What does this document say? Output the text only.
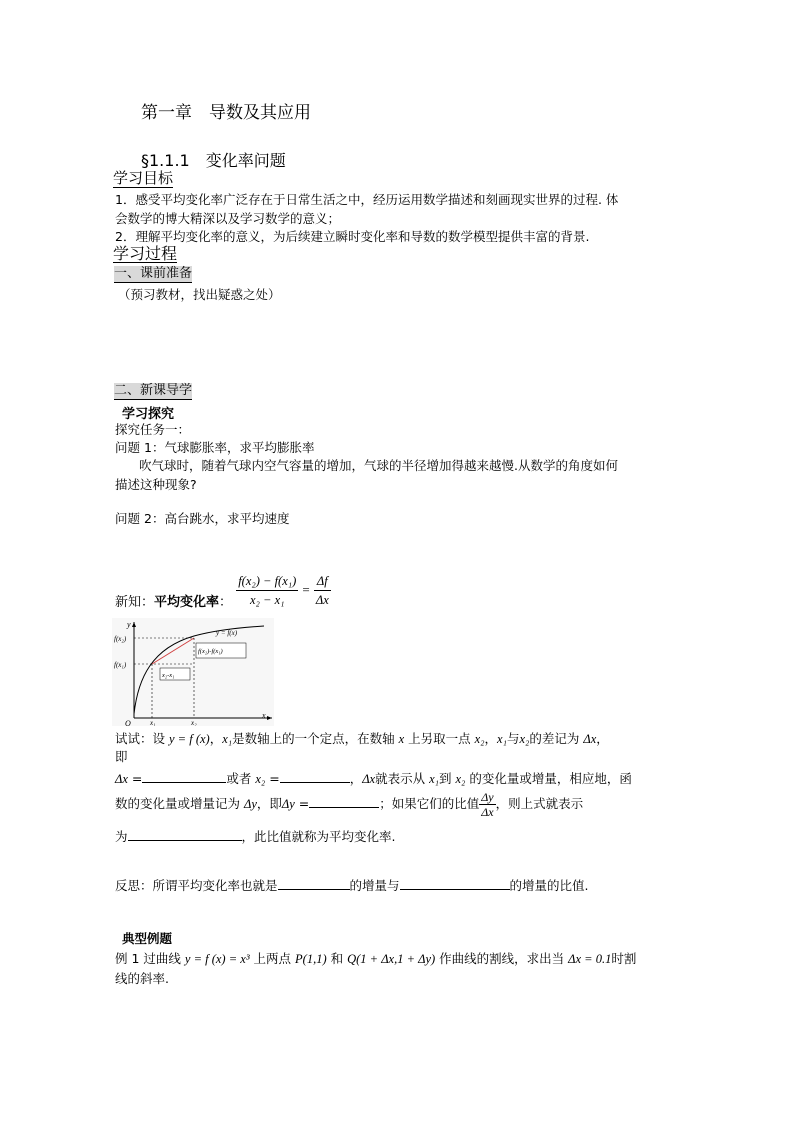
第一章　导数及其应用
§1.1.1　变化率问题
学习目标
1．感受平均变化率广泛存在于日常生活之中，经历运用数学描述和刻画现实世界的过程. 体
会数学的博大精深以及学习数学的意义；
2．理解平均变化率的意义，为后续建立瞬时变化率和导数的数学模型提供丰富的背景.
学习过程
一、课前准备
（预习教材，找出疑惑之处）
二、新课导学
学习探究
探究任务一：
问题 1：气球膨胀率，求平均膨胀率
吹气球时，随着气球内空气容量的增加，气球的半径增加得越来越慢.从数学的角度如何
描述这种现象?
问题 2：高台跳水，求平均速度
新知：平均变化率： $\frac{\text{f(x₂) − f(x₁)}}{\text{x₂ − x₁}} = \frac{\Delta f}{\Delta x}$
y
x
O
f(x₂)
f(x₁)
x₁	x₂
y = f(x)
f(x₂)-f(x₁)
x₂-x₁
试试：设 y = f (x)，x₁是数轴上的一个定点，在数轴 x 上另取一点 x₂，x₁与x₂的差记为 Δx，
即
Δx =	或者 x₂ =	，Δx就表示从 x₁到 x₂ 的变化量或增量，相应地，函
数的变化量或增量记为 Δy，即Δy =	；如果它们的比值 $\frac{\Delta y}{\Delta x}$ ，则上式就表示
为	，此比值就称为平均变化率.
反思：所谓平均变化率也就是	的增量与	的增量的比值.
典型例题
例 1 过曲线 y = f (x) = x³ 上两点 P(1,1) 和 Q(1 + Δx,1 + Δy) 作曲线的割线，求出当 Δx = 0.1时割
线的斜率.
